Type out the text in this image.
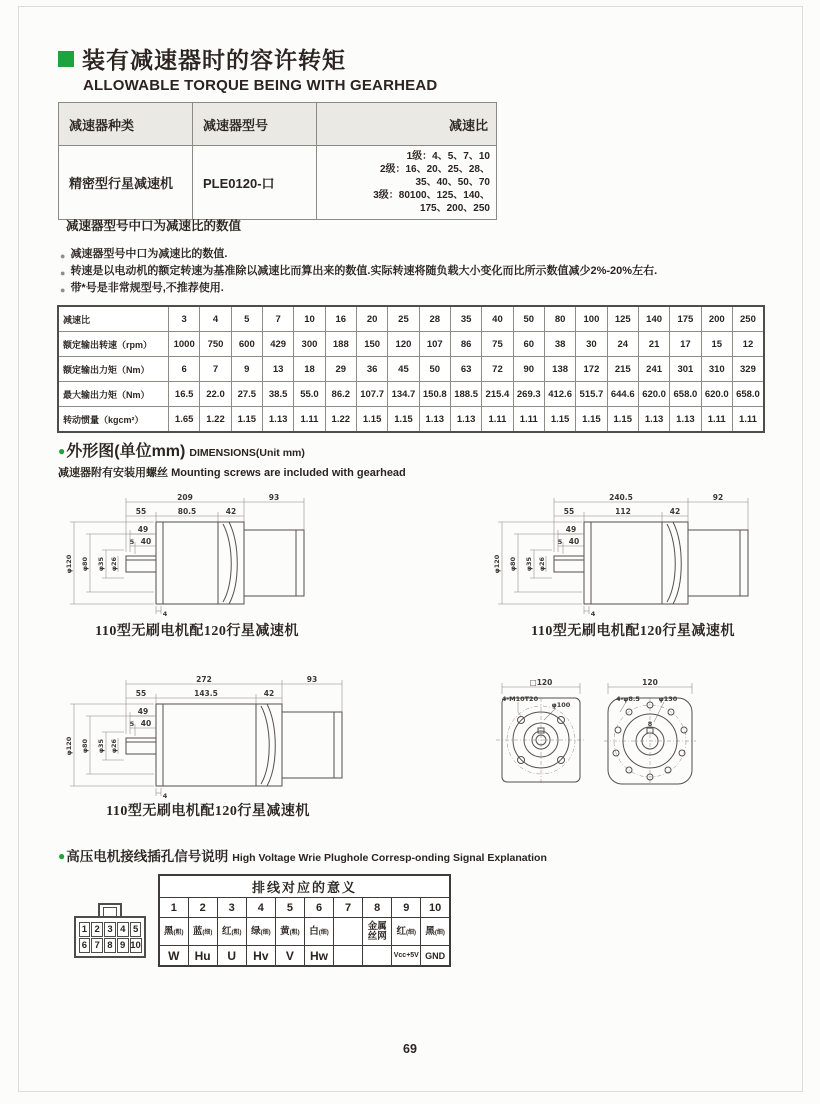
装有减速器时的容许转矩
ALLOWABLE TORQUE BEING WITH GEARHEAD
减速器种类	减速器型号	减速比
精密型行星减速机	PLE0120-口	1级：4、5、7、10
2级：16、20、25、28、
35、40、50、70
3级：80100、125、140、
175、200、250
减速器型号中口为减速比的数值
● 减速器型号中口为减速比的数值.
● 转速是以电动机的额定转速为基准除以减速比而算出来的数值.实际转速将随负载大小变化而比所示数值减少2%-20%左右.
● 带*号是非常规型号,不推荐使用.
减速比	3	4	5	7	10	16	20	25	28	35	40	50	80	100	125	140	175	200	250
额定输出转速（rpm）	1000	750	600	429	300	188	150	120	107	86	75	60	38	30	24	21	17	15	12
额定输出力矩（Nm）	6	7	9	13	18	29	36	45	50	63	72	90	138	172	215	241	301	310	329
最大输出力矩（Nm）	16.5	22.0	27.5	38.5	55.0	86.2	107.7	134.7	150.8	188.5	215.4	269.3	412.6	515.7	644.6	620.0	658.0	620.0	658.0
转动惯量（kgcm²）	1.65	1.22	1.15	1.13	1.11	1.22	1.15	1.15	1.13	1.13	1.11	1.11	1.15	1.15	1.15	1.13	1.13	1.11	1.11
●外形图(单位mm) DIMENSIONS(Unit mm)
减速器附有安装用螺丝 Mounting screws are included with gearhead
209	93
55	80.5	42
49
5 40
φ120 φ80 φ35 φ26
4
110型无刷电机配120行星减速机
240.5	92
55	112	42
49
5 40
φ120 φ80 φ35 φ26
4
110型无刷电机配120行星减速机
272	93
55	143.5	42
49
5 40
φ120 φ80 φ35 φ26
4
110型无刷电机配120行星减速机
□120
4-M10T20
φ100
120
4-φ8.5	φ130
8
●高压电机接线插孔信号说明 High Voltage Wrie Plughole Corresp-onding Signal Explanation
1 2 3 4 5
6 7 8 9 10
排线对应的意义									
1	2	3	4	5	6	7	8	9	10
黑(粗)	蓝(细)	红(粗)	绿(细)	黄(粗)	白(细)		金属丝网	红(细)	黑(细)
W	Hu	U	Hv	V	Hw			Vcc+5V	GND
69
